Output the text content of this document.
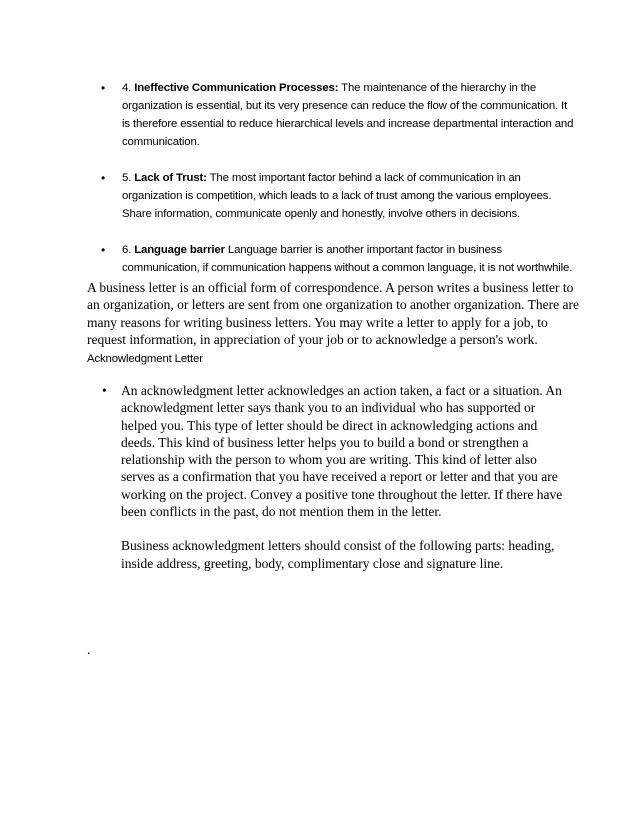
• 4. Ineffective Communication Processes: The maintenance of the hierarchy in the organization is essential, but its very presence can reduce the flow of the communication. It is therefore essential to reduce hierarchical levels and increase departmental interaction and communication.
• 5. Lack of Trust: The most important factor behind a lack of communication in an organization is competition, which leads to a lack of trust among the various employees. Share information, communicate openly and honestly, involve others in decisions.
• 6. Language barrier Language barrier is another important factor in business communication, if communication happens without a common language, it is not worthwhile.

A business letter is an official form of correspondence. A person writes a business letter to an organization, or letters are sent from one organization to another organization. There are many reasons for writing business letters. You may write a letter to apply for a job, to request information, in appreciation of your job or to acknowledge a person's work.

Acknowledgment Letter
• An acknowledgment letter acknowledges an action taken, a fact or a situation. An acknowledgment letter says thank you to an individual who has supported or helped you. This type of letter should be direct in acknowledging actions and deeds. This kind of business letter helps you to build a bond or strengthen a relationship with the person to whom you are writing. This kind of letter also serves as a confirmation that you have received a report or letter and that you are working on the project. Convey a positive tone throughout the letter. If there have been conflicts in the past, do not mention them in the letter.
Business acknowledgment letters should consist of the following parts: heading, inside address, greeting, body, complimentary close and signature line.
.
